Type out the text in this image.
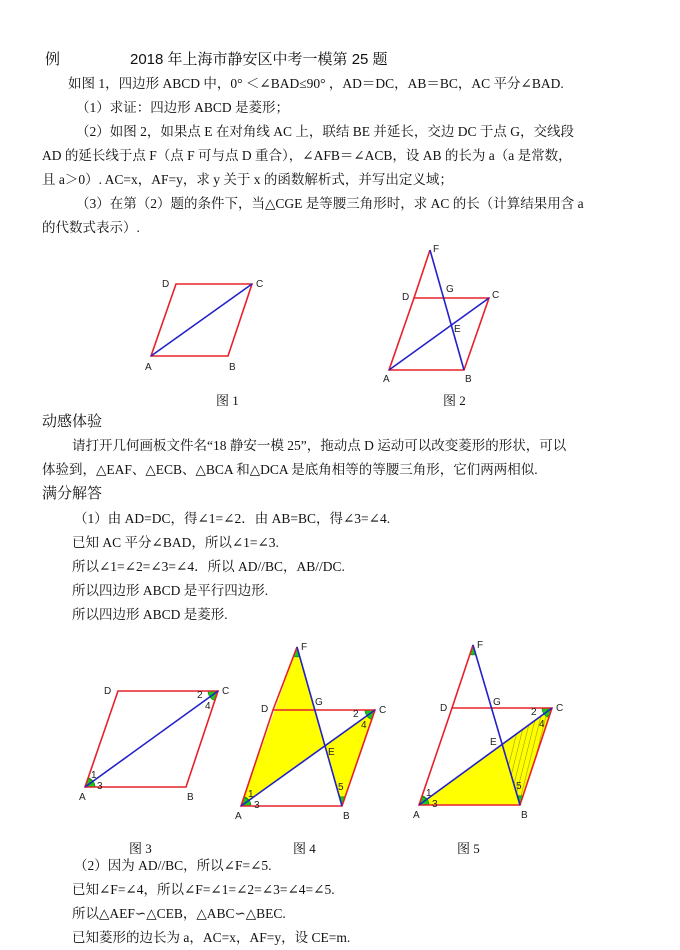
例	2018 年上海市静安区中考一模第 25 题
如图 1，四边形 ABCD 中，0° ＜∠BAD≤90° ，AD＝DC，AB＝BC，AC 平分∠BAD.
（1）求证：四边形 ABCD 是菱形；
（2）如图 2，如果点 E 在对角线 AC 上，联结 BE 并延长，交边 DC 于点 G，交线段
AD 的延长线于点 F（点 F 可与点 D 重合），∠AFB＝∠ACB，设 AB 的长为 a（a 是常数，
且 a＞0）. AC=x，AF=y，求 y 关于 x 的函数解析式，并写出定义域；
（3）在第（2）题的条件下，当△CGE 是等腰三角形时，求 AC 的长（计算结果用含 a
的代数式表示）.
D	C
A	B
F
D
G
C
E
A	B
D	C
A	B
1
2
3
4
F
D
G
C
E
A	B
1
2
3
4
5
F
D
G
C
E
A	B
1
2
3
4
5
图 1	图 2
图 3	图 4	图 5
动感体验
请打开几何画板文件名“18 静安一模 25”，拖动点 D 运动可以改变菱形的形状，可以
体验到，△EAF、△ECB、△BCA 和△DCA 是底角相等的等腰三角形，它们两两相似.
满分解答
（1）由 AD=DC，得∠1=∠2．由 AB=BC，得∠3=∠4.
已知 AC 平分∠BAD，所以∠1=∠3.
所以∠1=∠2=∠3=∠4．所以 AD//BC，AB//DC.
所以四边形 ABCD 是平行四边形.
所以四边形 ABCD 是菱形.
（2）因为 AD//BC，所以∠F=∠5.
已知∠F=∠4，所以∠F=∠1=∠2=∠3=∠4=∠5.
所以△AEF∽△CEB，△ABC∽△BEC.
已知菱形的边长为 a，AC=x，AF=y，设 CE=m.
